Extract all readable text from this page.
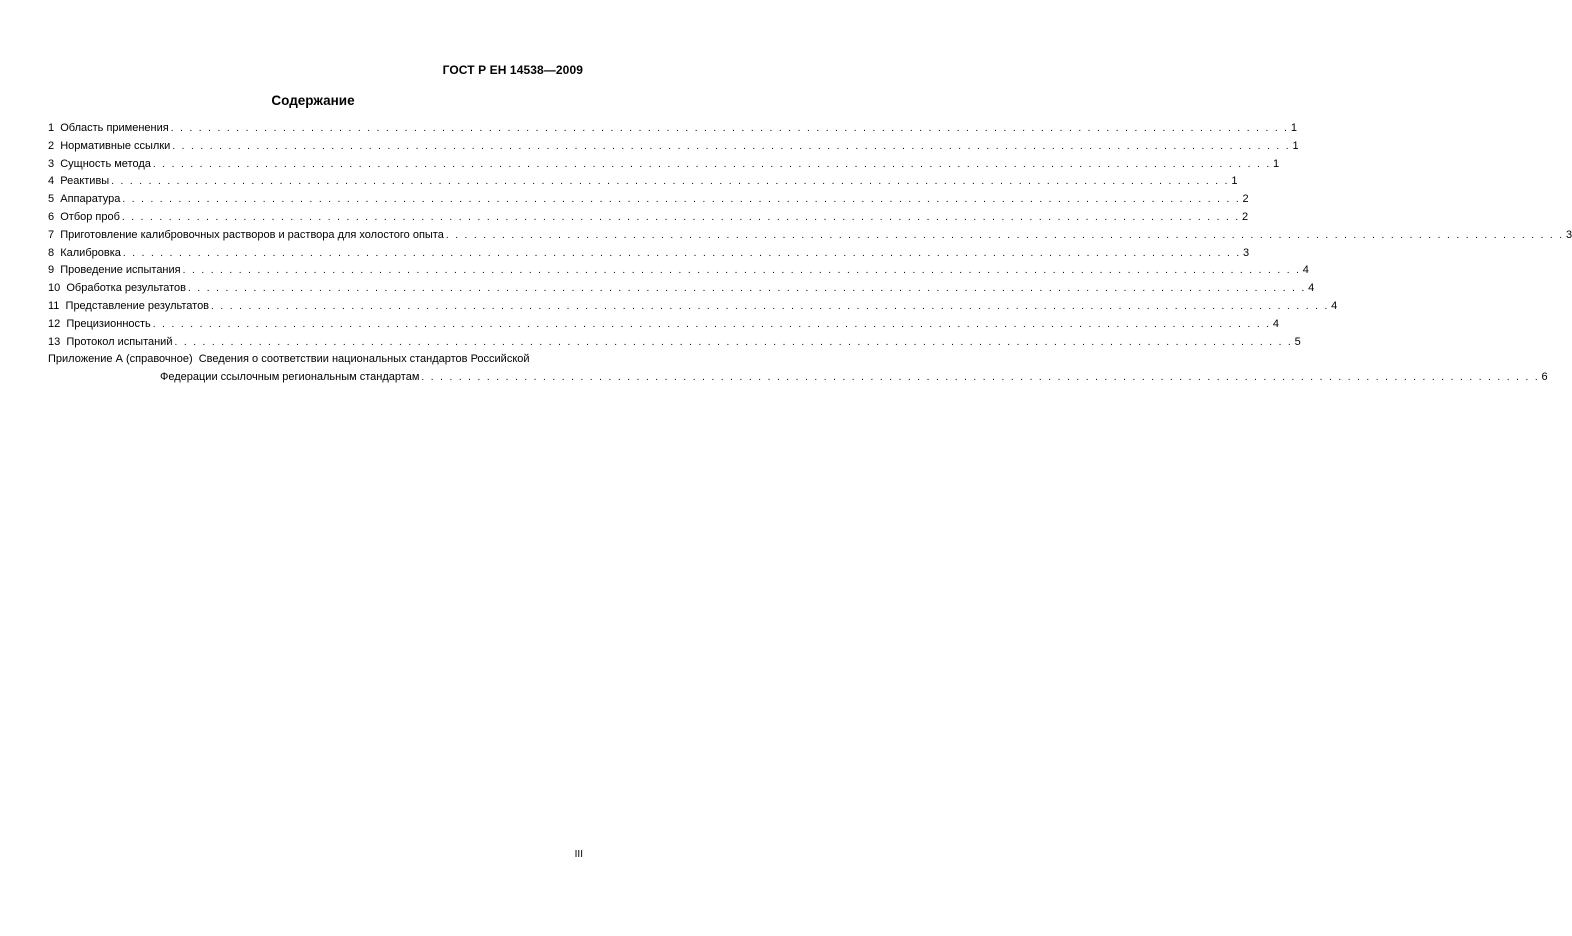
ГОСТ Р ЕН 14538—2009
Содержание
1  Область применения . . . . . . . . . . . . . . . . . . . . . . . . . . . . . . . . . . . . . . . . . . . . . . . . . . . . . . . . . . . . . . . . . . . . . . . . . . . . . . . . . . . . . . . . . . . . . . . . . . . . . . . . . . . . . . . . . . . . . . . . 1
2  Нормативные ссылки . . . . . . . . . . . . . . . . . . . . . . . . . . . . . . . . . . . . . . . . . . . . . . . . . . . . . . . . . . . . . . . . . . . . . . . . . . . . . . . . . . . . . . . . . . . . . . . . . . . . . . . . . . . . . . . . . . . . . . . . 1
3  Сущность метода . . . . . . . . . . . . . . . . . . . . . . . . . . . . . . . . . . . . . . . . . . . . . . . . . . . . . . . . . . . . . . . . . . . . . . . . . . . . . . . . . . . . . . . . . . . . . . . . . . . . . . . . . . . . . . . . . . . . . . . . 1
4  Реактивы . . . . . . . . . . . . . . . . . . . . . . . . . . . . . . . . . . . . . . . . . . . . . . . . . . . . . . . . . . . . . . . . . . . . . . . . . . . . . . . . . . . . . . . . . . . . . . . . . . . . . . . . . . . . . . . . . . . . . . . . 1
5  Аппаратура . . . . . . . . . . . . . . . . . . . . . . . . . . . . . . . . . . . . . . . . . . . . . . . . . . . . . . . . . . . . . . . . . . . . . . . . . . . . . . . . . . . . . . . . . . . . . . . . . . . . . . . . . . . . . . . . . . . . . . . . 2
6  Отбор проб . . . . . . . . . . . . . . . . . . . . . . . . . . . . . . . . . . . . . . . . . . . . . . . . . . . . . . . . . . . . . . . . . . . . . . . . . . . . . . . . . . . . . . . . . . . . . . . . . . . . . . . . . . . . . . . . . . . . . . . . 2
7  Приготовление калибровочных растворов и раствора для холостого опыта . . . . . . . . . . . . . . . . . . . . . . . . . . . . . . . . . . . . . . . . . . . . . . . . . . . . . . . . . . . . . . . . . . . . . . . . . . . . . . . . . . . . . . . . . . . . . . . . . . . . . . . . . . . . . . . . . . . . . . . . 3
8  Калибровка . . . . . . . . . . . . . . . . . . . . . . . . . . . . . . . . . . . . . . . . . . . . . . . . . . . . . . . . . . . . . . . . . . . . . . . . . . . . . . . . . . . . . . . . . . . . . . . . . . . . . . . . . . . . . . . . . . . . . . . . 3
9  Проведение испытания . . . . . . . . . . . . . . . . . . . . . . . . . . . . . . . . . . . . . . . . . . . . . . . . . . . . . . . . . . . . . . . . . . . . . . . . . . . . . . . . . . . . . . . . . . . . . . . . . . . . . . . . . . . . . . . . . . . . . . . . 4
10  Обработка результатов . . . . . . . . . . . . . . . . . . . . . . . . . . . . . . . . . . . . . . . . . . . . . . . . . . . . . . . . . . . . . . . . . . . . . . . . . . . . . . . . . . . . . . . . . . . . . . . . . . . . . . . . . . . . . . . . . . . . . . . . 4
11  Представление результатов . . . . . . . . . . . . . . . . . . . . . . . . . . . . . . . . . . . . . . . . . . . . . . . . . . . . . . . . . . . . . . . . . . . . . . . . . . . . . . . . . . . . . . . . . . . . . . . . . . . . . . . . . . . . . . . . . . . . . . . . 4
12  Прецизионность . . . . . . . . . . . . . . . . . . . . . . . . . . . . . . . . . . . . . . . . . . . . . . . . . . . . . . . . . . . . . . . . . . . . . . . . . . . . . . . . . . . . . . . . . . . . . . . . . . . . . . . . . . . . . . . . . . . . . . . . 4
13  Протокол испытаний . . . . . . . . . . . . . . . . . . . . . . . . . . . . . . . . . . . . . . . . . . . . . . . . . . . . . . . . . . . . . . . . . . . . . . . . . . . . . . . . . . . . . . . . . . . . . . . . . . . . . . . . . . . . . . . . . . . . . . . . 5
Приложение А (справочное)  Сведения о соответствии национальных стандартов Российской
Федерации ссылочным региональным стандартам . . . . . . . . . . . . . . . . . . . . . . . . . . . . . . . . . . . . . . . . . . . . . . . . . . . . . . . . . . . . . . . . . . . . . . . . . . . . . . . . . . . . . . . . . . . . . . . . . . . . . . . . . . . . . . . . . . . . . . . . 6
III
